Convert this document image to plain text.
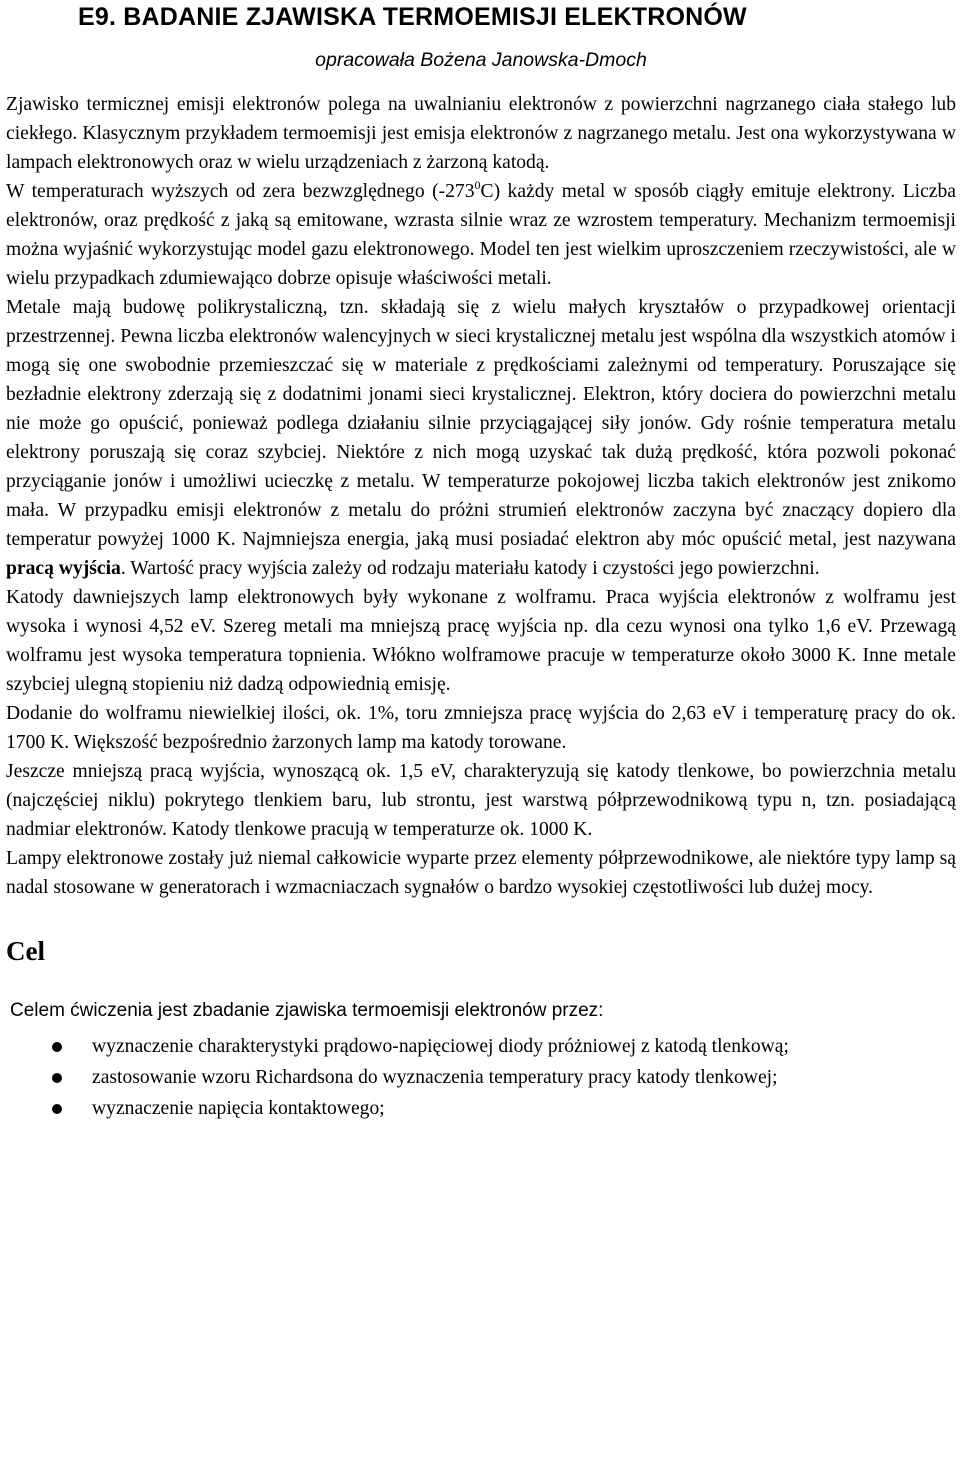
E9. BADANIE ZJAWISKA TERMOEMISJI ELEKTRONÓW
opracowała Bożena Janowska-Dmoch

Zjawisko termicznej emisji elektronów polega na uwalnianiu elektronów z powierzchni nagrzanego ciała stałego lub ciekłego. Klasycznym przykładem termoemisji jest emisja elektronów z nagrzanego metalu. Jest ona wykorzystywana w lampach elektronowych oraz w wielu urządzeniach z żarzoną katodą.

W temperaturach wyższych od zera bezwzględnego $(-273^0C)$ każdy metal w sposób ciągły emituje elektrony. Liczba elektronów, oraz prędkość z jaką są emitowane, wzrasta silnie wraz ze wzrostem temperatury. Mechanizm termoemisji można wyjaśnić wykorzystując model gazu elektronowego. Model ten jest wielkim uproszczeniem rzeczywistości, ale w wielu przypadkach zdumiewająco dobrze opisuje właściwości metali.

Metale mają budowę polikrystaliczną, tzn. składają się z wielu małych kryształów o przypadkowej orientacji przestrzennej. Pewna liczba elektronów walencyjnych w sieci krystalicznej metalu jest wspólna dla wszystkich atomów i mogą się one swobodnie przemieszczać się w materiale z prędkościami zależnymi od temperatury. Poruszające się bezładnie elektrony zderzają się z dodatnimi jonami sieci krystalicznej. Elektron, który dociera do powierzchni metalu nie może go opuścić, ponieważ podlega działaniu silnie przyciągającej siły jonów. Gdy rośnie temperatura metalu elektrony poruszają się coraz szybciej. Niektóre z nich mogą uzyskać tak dużą prędkość, która pozwoli pokonać przyciąganie jonów i umożliwi ucieczkę z metalu. W temperaturze pokojowej liczba takich elektronów jest znikomo mała. W przypadku emisji elektronów z metalu do próżni strumień elektronów zaczyna być znaczący dopiero dla temperatur powyżej 1000 K. Najmniejsza energia, jaką musi posiadać elektron aby móc opuścić metal, jest nazywana pracą wyjścia. Wartość pracy wyjścia zależy od rodzaju materiału katody i czystości jego powierzchni.

Katody dawniejszych lamp elektronowych były wykonane z wolframu. Praca wyjścia elektronów z wolframu jest wysoka i wynosi 4,52 eV. Szereg metali ma mniejszą pracę wyjścia np. dla cezu wynosi ona tylko 1,6 eV. Przewagą wolframu jest wysoka temperatura topnienia. Włókno wolframowe pracuje w temperaturze około 3000 K. Inne metale szybciej ulegną stopieniu niż dadzą odpowiednią emisję.

Dodanie do wolframu niewielkiej ilości, ok. 1%, toru zmniejsza pracę wyjścia do 2,63 eV i temperaturę pracy do ok. 1700 K. Większość bezpośrednio żarzonych lamp ma katody torowane.

Jeszcze mniejszą pracą wyjścia, wynoszącą ok. 1,5 eV, charakteryzują się katody tlenkowe, bo powierzchnia metalu (najczęściej niklu) pokrytego tlenkiem baru, lub strontu, jest warstwą półprzewodnikową typu n, tzn. posiadającą nadmiar elektronów. Katody tlenkowe pracują w temperaturze ok. 1000 K.

Lampy elektronowe zostały już niemal całkowicie wyparte przez elementy półprzewodnikowe, ale niektóre typy lamp są nadal stosowane w generatorach i wzmacniaczach sygnałów o bardzo wysokiej częstotliwości lub dużej mocy.

Cel
Celem ćwiczenia jest zbadanie zjawiska termoemisji elektronów przez:
wyznaczenie charakterystyki prądowo-napięciowej diody próżniowej z katodą tlenkową;
zastosowanie wzoru Richardsona do wyznaczenia temperatury pracy katody tlenkowej;
wyznaczenie napięcia kontaktowego;
